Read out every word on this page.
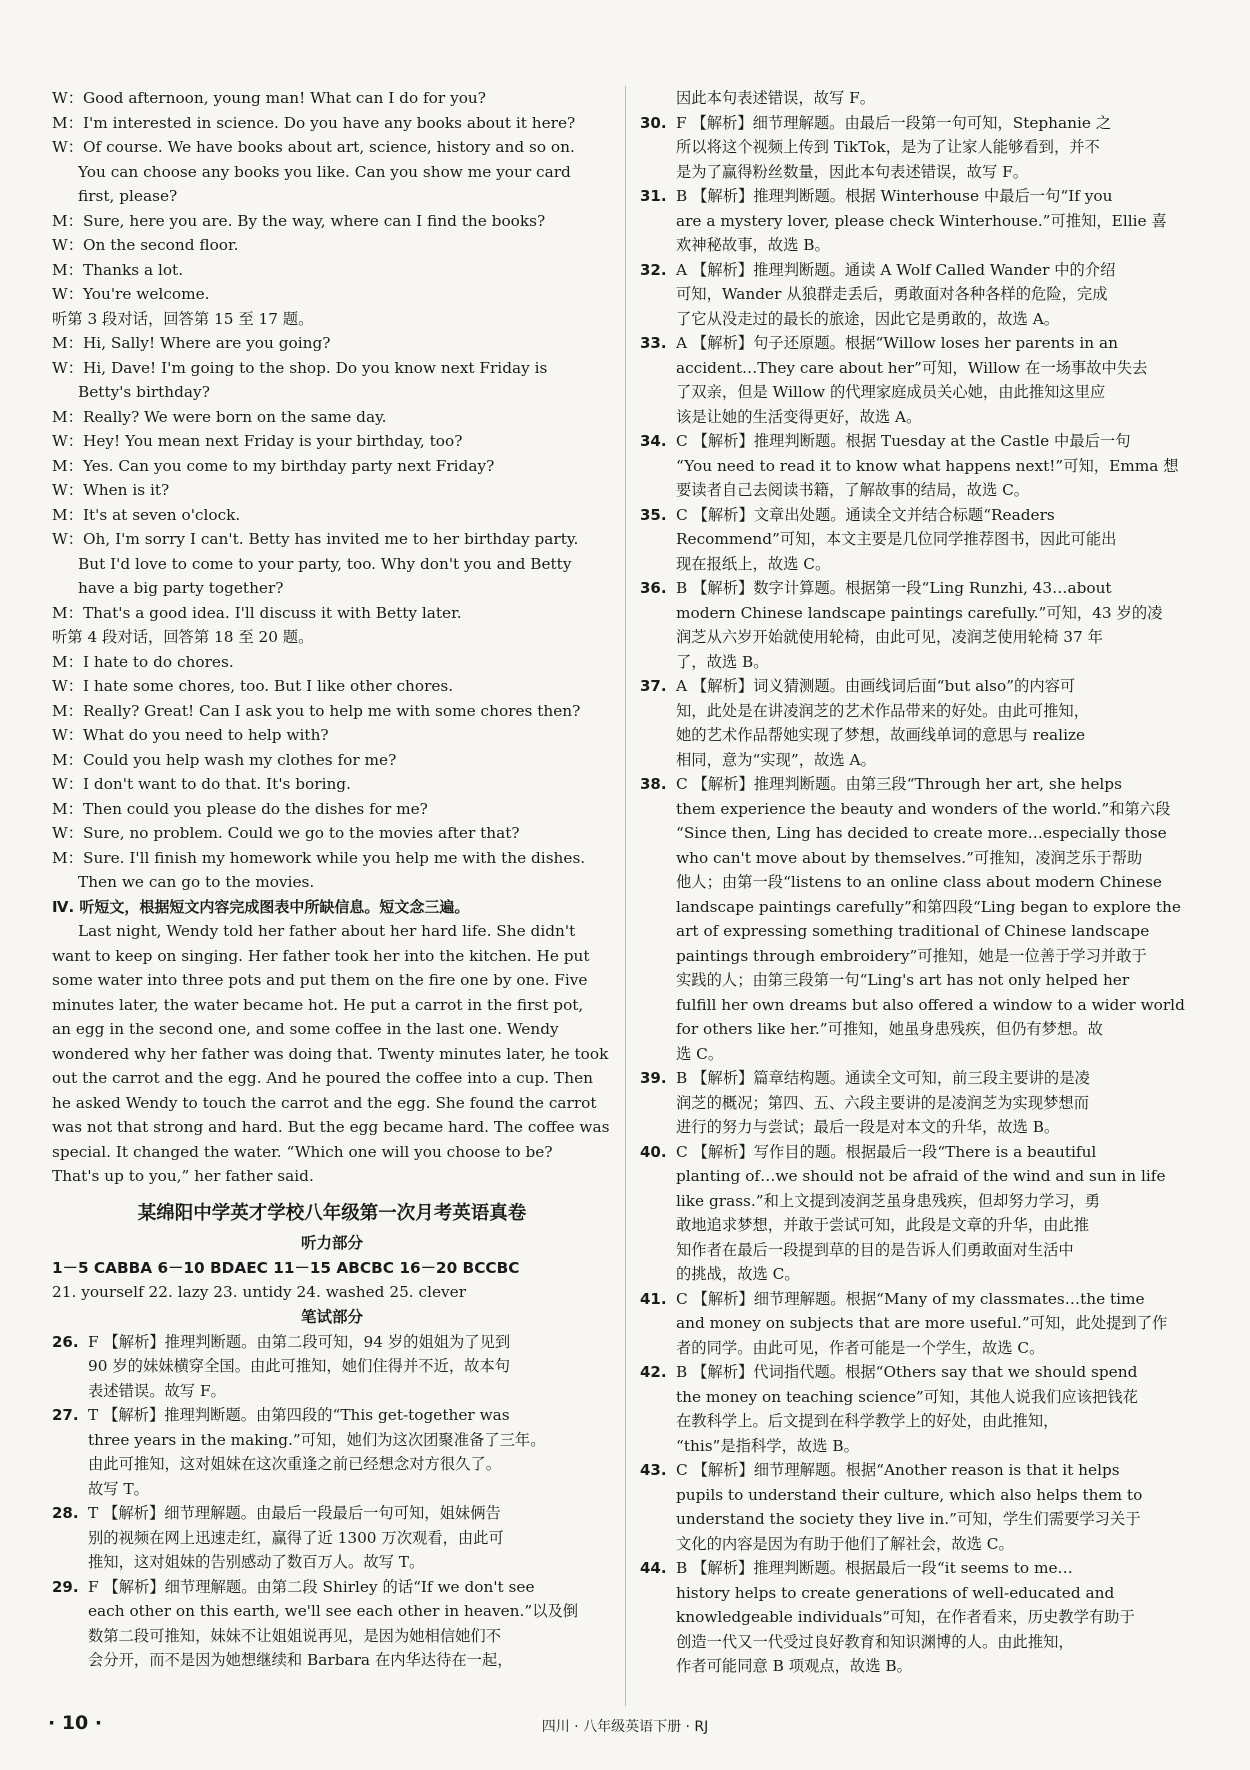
W：Good afternoon, young man! What can I do for you?
M：I'm interested in science. Do you have any books about it here?
W：Of course. We have books about art, science, history and so on.
You can choose any books you like. Can you show me your card
first, please?
M：Sure, here you are. By the way, where can I find the books?
W：On the second floor.
M：Thanks a lot.
W：You're welcome.
听第 3 段对话，回答第 15 至 17 题。
M：Hi, Sally! Where are you going?
W：Hi, Dave! I'm going to the shop. Do you know next Friday is
Betty's birthday?
M：Really? We were born on the same day.
W：Hey! You mean next Friday is your birthday, too?
M：Yes. Can you come to my birthday party next Friday?
W：When is it?
M：It's at seven o'clock.
W：Oh, I'm sorry I can't. Betty has invited me to her birthday party.
But I'd love to come to your party, too. Why don't you and Betty
have a big party together?
M：That's a good idea. I'll discuss it with Betty later.
听第 4 段对话，回答第 18 至 20 题。
M：I hate to do chores.
W：I hate some chores, too. But I like other chores.
M：Really? Great! Can I ask you to help me with some chores then?
W：What do you need to help with?
M：Could you help wash my clothes for me?
W：I don't want to do that. It's boring.
M：Then could you please do the dishes for me?
W：Sure, no problem. Could we go to the movies after that?
M：Sure. I'll finish my homework while you help me with the dishes.
Then we can go to the movies.
Ⅳ. 听短文，根据短文内容完成图表中所缺信息。短文念三遍。
Last night, Wendy told her father about her hard life. She didn't
want to keep on singing. Her father took her into the kitchen. He put
some water into three pots and put them on the fire one by one. Five
minutes later, the water became hot. He put a carrot in the first pot,
an egg in the second one, and some coffee in the last one. Wendy
wondered why her father was doing that. Twenty minutes later, he took
out the carrot and the egg. And he poured the coffee into a cup. Then
he asked Wendy to touch the carrot and the egg. She found the carrot
was not that strong and hard. But the egg became hard. The coffee was
special. It changed the water. “Which one will you choose to be?
That's up to you,” her father said.
某绵阳中学英才学校八年级第一次月考英语真卷
听力部分
1－5 CABBA 6－10 BDAEC 11－15 ABCBC 16－20 BCCBC
21. yourself 22. lazy 23. untidy 24. washed 25. clever
笔试部分
26. F 【解析】推理判断题。由第二段可知，94 岁的姐姐为了见到
90 岁的妹妹横穿全国。由此可推知，她们住得并不近，故本句
表述错误。故写 F。
27. T 【解析】推理判断题。由第四段的“This get-together was
three years in the making.”可知，她们为这次团聚准备了三年。
由此可推知，这对姐妹在这次重逢之前已经想念对方很久了。
故写 T。
28. T 【解析】细节理解题。由最后一段最后一句可知，姐妹俩告
别的视频在网上迅速走红，赢得了近 1300 万次观看，由此可
推知，这对姐妹的告别感动了数百万人。故写 T。
29. F 【解析】细节理解题。由第二段 Shirley 的话“If we don't see
each other on this earth, we'll see each other in heaven.”以及倒
数第二段可推知，妹妹不让姐姐说再见，是因为她相信她们不
会分开，而不是因为她想继续和 Barbara 在内华达待在一起，
因此本句表述错误，故写 F。
30. F 【解析】细节理解题。由最后一段第一句可知，Stephanie 之
所以将这个视频上传到 TikTok，是为了让家人能够看到，并不
是为了赢得粉丝数量，因此本句表述错误，故写 F。
31. B 【解析】推理判断题。根据 Winterhouse 中最后一句“If you
are a mystery lover, please check Winterhouse.”可推知，Ellie 喜
欢神秘故事，故选 B。
32. A 【解析】推理判断题。通读 A Wolf Called Wander 中的介绍
可知，Wander 从狼群走丢后，勇敢面对各种各样的危险，完成
了它从没走过的最长的旅途，因此它是勇敢的，故选 A。
33. A 【解析】句子还原题。根据“Willow loses her parents in an
accident…They care about her”可知，Willow 在一场事故中失去
了双亲，但是 Willow 的代理家庭成员关心她，由此推知这里应
该是让她的生活变得更好，故选 A。
34. C 【解析】推理判断题。根据 Tuesday at the Castle 中最后一句
“You need to read it to know what happens next!”可知，Emma 想
要读者自己去阅读书籍，了解故事的结局，故选 C。
35. C 【解析】文章出处题。通读全文并结合标题“Readers
Recommend”可知，本文主要是几位同学推荐图书，因此可能出
现在报纸上，故选 C。
36. B 【解析】数字计算题。根据第一段“Ling Runzhi, 43…about
modern Chinese landscape paintings carefully.”可知，43 岁的凌
润芝从六岁开始就使用轮椅，由此可见，凌润芝使用轮椅 37 年
了，故选 B。
37. A 【解析】词义猜测题。由画线词后面“but also”的内容可
知，此处是在讲凌润芝的艺术作品带来的好处。由此可推知，
她的艺术作品帮她实现了梦想，故画线单词的意思与 realize
相同，意为“实现”，故选 A。
38. C 【解析】推理判断题。由第三段“Through her art, she helps
them experience the beauty and wonders of the world.”和第六段
“Since then, Ling has decided to create more…especially those
who can't move about by themselves.”可推知，凌润芝乐于帮助
他人；由第一段“listens to an online class about modern Chinese
landscape paintings carefully”和第四段“Ling began to explore the
art of expressing something traditional of Chinese landscape
paintings through embroidery”可推知，她是一位善于学习并敢于
实践的人；由第三段第一句“Ling's art has not only helped her
fulfill her own dreams but also offered a window to a wider world
for others like her.”可推知，她虽身患残疾，但仍有梦想。故
选 C。
39. B 【解析】篇章结构题。通读全文可知，前三段主要讲的是凌
润芝的概况；第四、五、六段主要讲的是凌润芝为实现梦想而
进行的努力与尝试；最后一段是对本文的升华，故选 B。
40. C 【解析】写作目的题。根据最后一段“There is a beautiful
planting of…we should not be afraid of the wind and sun in life
like grass.”和上文提到凌润芝虽身患残疾，但却努力学习，勇
敢地追求梦想，并敢于尝试可知，此段是文章的升华，由此推
知作者在最后一段提到草的目的是告诉人们勇敢面对生活中
的挑战，故选 C。
41. C 【解析】细节理解题。根据“Many of my classmates…the time
and money on subjects that are more useful.”可知，此处提到了作
者的同学。由此可见，作者可能是一个学生，故选 C。
42. B 【解析】代词指代题。根据“Others say that we should spend
the money on teaching science”可知，其他人说我们应该把钱花
在教科学上。后文提到在科学教学上的好处，由此推知，
“this”是指科学，故选 B。
43. C 【解析】细节理解题。根据“Another reason is that it helps
pupils to understand their culture, which also helps them to
understand the society they live in.”可知，学生们需要学习关于
文化的内容是因为有助于他们了解社会，故选 C。
44. B 【解析】推理判断题。根据最后一段“it seems to me…
history helps to create generations of well-educated and
knowledgeable individuals”可知，在作者看来，历史教学有助于
创造一代又一代受过良好教育和知识渊博的人。由此推知，
作者可能同意 B 项观点，故选 B。
· 10 ·	四川 · 八年级英语下册 · RJ
